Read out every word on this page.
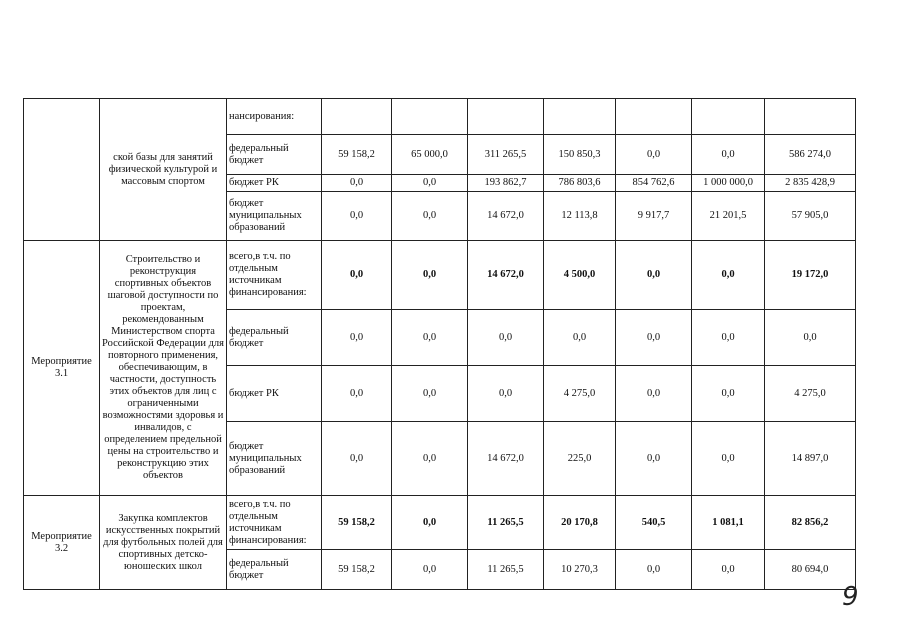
	ской базы для занятий физической культурой и массовым спортом	нансирования:							
		федеральный бюджет	59 158,2	65 000,0	311 265,5	150 850,3	0,0	0,0	586 274,0
		бюджет РК	0,0	0,0	193 862,7	786 803,6	854 762,6	1 000 000,0	2 835 428,9
		бюджет муниципальных образований	0,0	0,0	14 672,0	12 113,8	9 917,7	21 201,5	57 905,0
Мероприятие 3.1	Строительство и реконструкция спортивных объектов шаговой доступности по проектам, рекомендованным Министерством спорта Российской Федерации для повторного применения, обеспечивающим, в частности, доступность этих объектов для лиц с ограниченными возможностями здоровья и инвалидов, с определением предельной цены на строительство и реконструкцию этих объектов	всего,в т.ч. по отдельным источникам финансирования:	0,0	0,0	14 672,0	4 500,0	0,0	0,0	19 172,0
		федеральный бюджет	0,0	0,0	0,0	0,0	0,0	0,0	0,0
		бюджет РК	0,0	0,0	0,0	4 275,0	0,0	0,0	4 275,0
		бюджет муниципальных образований	0,0	0,0	14 672,0	225,0	0,0	0,0	14 897,0
Мероприятие 3.2	Закупка комплектов искусственных покрытий для футбольных полей для спортивных детско-юношеских школ	всего,в т.ч. по отдельным источникам финансирования:	59 158,2	0,0	11 265,5	20 170,8	540,5	1 081,1	82 856,2
		федеральный бюджет	59 158,2	0,0	11 265,5	10 270,3	0,0	0,0	80 694,0
9
